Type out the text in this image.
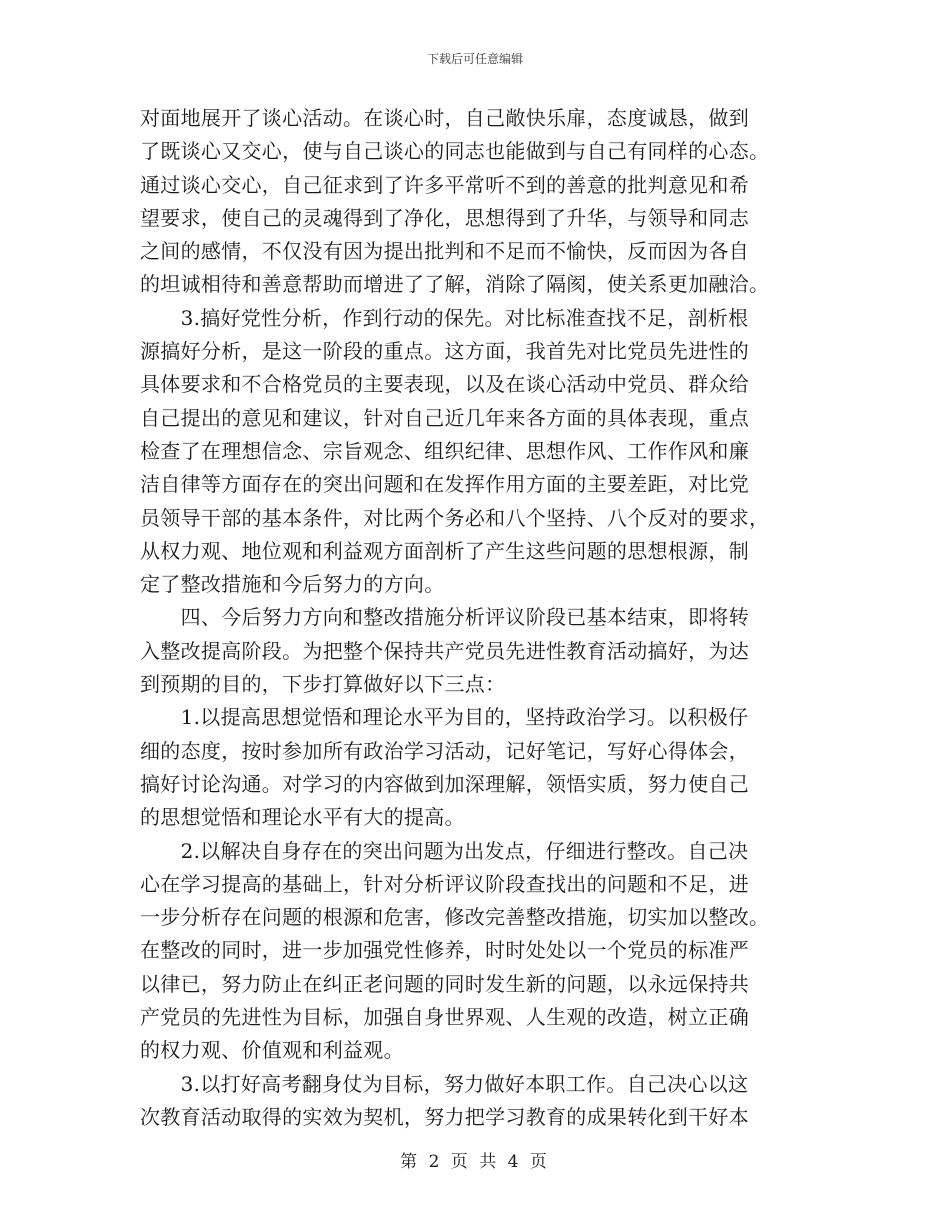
下载后可任意编辑
对面地展开了谈心活动。在谈心时，自己敞快乐扉，态度诚恳，做到
了既谈心又交心，使与自己谈心的同志也能做到与自己有同样的心态。
通过谈心交心，自己征求到了许多平常听不到的善意的批判意见和希
望要求，使自己的灵魂得到了净化，思想得到了升华，与领导和同志
之间的感情，不仅没有因为提出批判和不足而不愉快，反而因为各自
的坦诚相待和善意帮助而增进了了解，消除了隔阂，使关系更加融洽。
　　3.搞好党性分析，作到行动的保先。对比标准查找不足，剖析根
源搞好分析，是这一阶段的重点。这方面，我首先对比党员先进性的
具体要求和不合格党员的主要表现，以及在谈心活动中党员、群众给
自己提出的意见和建议，针对自己近几年来各方面的具体表现，重点
检查了在理想信念、宗旨观念、组织纪律、思想作风、工作作风和廉
洁自律等方面存在的突出问题和在发挥作用方面的主要差距，对比党
员领导干部的基本条件，对比两个务必和八个坚持、八个反对的要求，
从权力观、地位观和利益观方面剖析了产生这些问题的思想根源，制
定了整改措施和今后努力的方向。
　　四、今后努力方向和整改措施分析评议阶段已基本结束，即将转
入整改提高阶段。为把整个保持共产党员先进性教育活动搞好，为达
到预期的目的，下步打算做好以下三点：
　　1.以提高思想觉悟和理论水平为目的，坚持政治学习。以积极仔
细的态度，按时参加所有政治学习活动，记好笔记，写好心得体会，
搞好讨论沟通。对学习的内容做到加深理解，领悟实质，努力使自己
的思想觉悟和理论水平有大的提高。
　　2.以解决自身存在的突出问题为出发点，仔细进行整改。自己决
心在学习提高的基础上，针对分析评议阶段查找出的问题和不足，进
一步分析存在问题的根源和危害，修改完善整改措施，切实加以整改。
在整改的同时，进一步加强党性修养，时时处处以一个党员的标准严
以律已，努力防止在纠正老问题的同时发生新的问题，以永远保持共
产党员的先进性为目标，加强自身世界观、人生观的改造，树立正确
的权力观、价值观和利益观。
　　3.以打好高考翻身仗为目标，努力做好本职工作。自己决心以这
次教育活动取得的实效为契机，努力把学习教育的成果转化到干好本
第 2 页 共 4 页
